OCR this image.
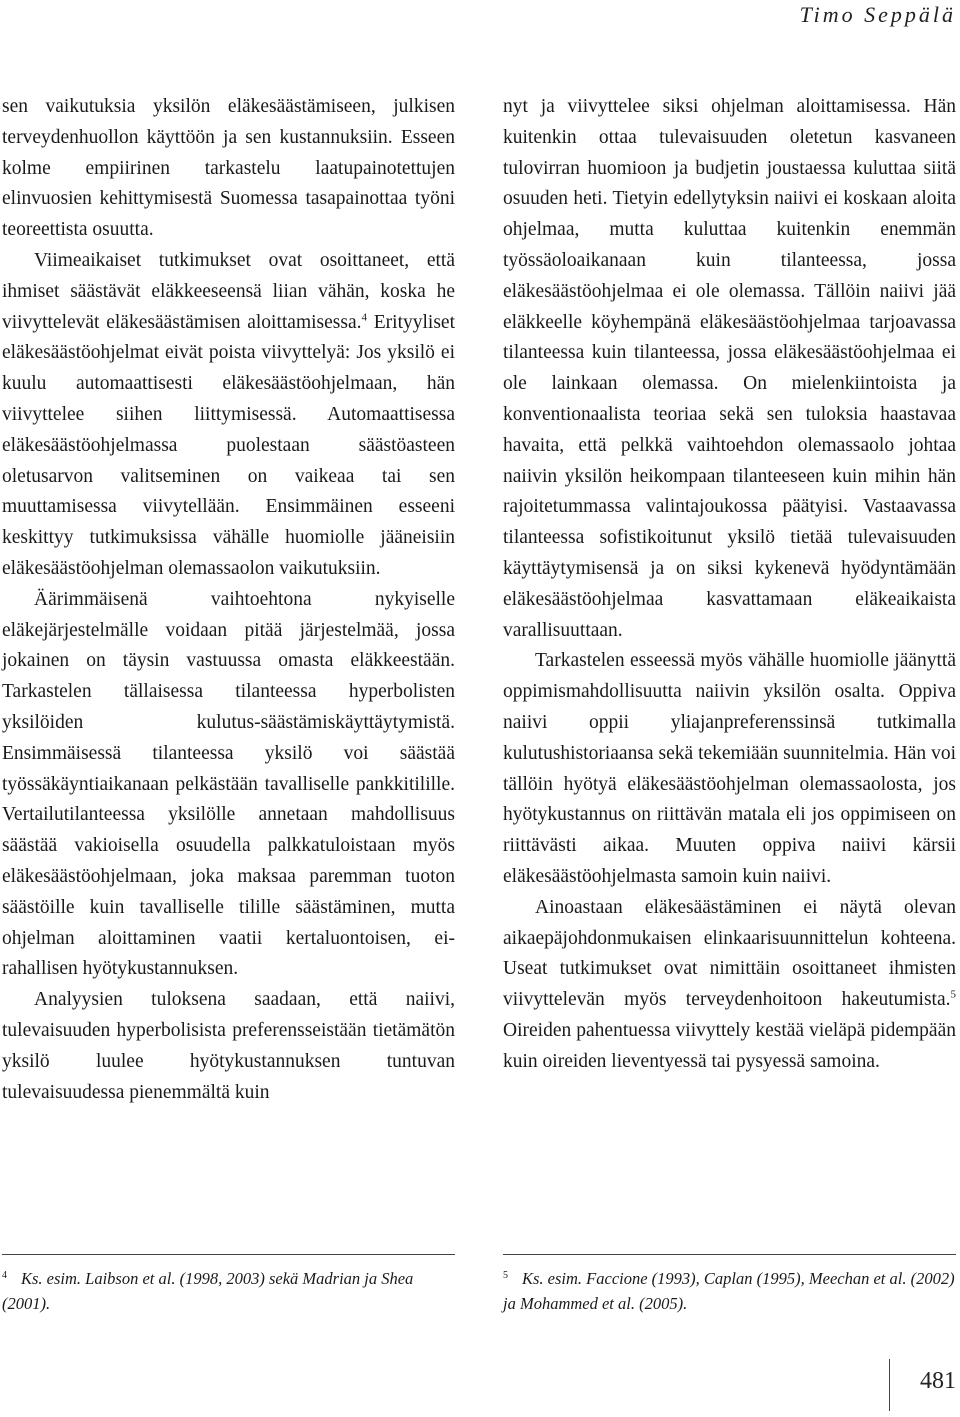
Timo Seppälä

sen vaikutuksia yksilön eläkesäästämiseen, julkisen terveydenhuollon käyttöön ja sen kustannuksiin. Esseen kolme empiirinen tarkastelu laatupainotettujen elinvuosien kehittymisestä Suomessa tasapainottaa työni teoreettista osuutta.

Viimeaikaiset tutkimukset ovat osoittaneet, että ihmiset säästävät eläkkeeseensä liian vähän, koska he viivyttelevät eläkesäästämisen aloittamisessa.$^4$ Erityyliset eläkesäästöohjelmat eivät poista viivyttelyä: Jos yksilö ei kuulu automaattisesti eläkesäästöohjelmaan, hän viivyttelee siihen liittymisessä. Automaattisessa eläkesäästöohjelmassa puolestaan säästöasteen oletusarvon valitseminen on vaikeaa tai sen muuttamisessa viivytellään. Ensimmäinen esseeni keskittyy tutkimuksissa vähälle huomiolle jääneisiin eläkesäästöohjelman olemassaolon vaikutuksiin.

Äärimmäisenä vaihtoehtona nykyiselle eläkejärjestelmälle voidaan pitää järjestelmää, jossa jokainen on täysin vastuussa omasta eläkkeestään. Tarkastelen tällaisessa tilanteessa hyperbolisten yksilöiden kulutus-säästämiskäyttäytymistä. Ensimmäisessä tilanteessa yksilö voi säästää työssäkäyntiaikanaan pelkästään tavalliselle pankkitilille. Vertailutilanteessa yksilölle annetaan mahdollisuus säästää vakioisella osuudella palkkatuloistaan myös eläkesäästöohjelmaan, joka maksaa paremman tuoton säästöille kuin tavalliselle tilille säästäminen, mutta ohjelman aloittaminen vaatii kertaluontoisen, ei-rahallisen hyötykustannuksen.

Analyysien tuloksena saadaan, että naiivi, tulevaisuuden hyperbolisista preferensseistään tietämätön yksilö luulee hyötykustannuksen tuntuvan tulevaisuudessa pienemmältä kuin

nyt ja viivyttelee siksi ohjelman aloittamisessa. Hän kuitenkin ottaa tulevaisuuden oletetun kasvaneen tulovirran huomioon ja budjetin joustaessa kuluttaa siitä osuuden heti. Tietyin edellytyksin naiivi ei koskaan aloita ohjelmaa, mutta kuluttaa kuitenkin enemmän työssäoloaikanaan kuin tilanteessa, jossa eläkesäästöohjelmaa ei ole olemassa. Tällöin naiivi jää eläkkeelle köyhempänä eläkesäästöohjelmaa tarjoavassa tilanteessa kuin tilanteessa, jossa eläkesäästöohjelmaa ei ole lainkaan olemassa. On mielenkiintoista ja konventionaalista teoriaa sekä sen tuloksia haastavaa havaita, että pelkkä vaihtoehdon olemassaolo johtaa naiivin yksilön heikompaan tilanteeseen kuin mihin hän rajoitetummassa valintajoukossa päätyisi. Vastaavassa tilanteessa sofistikoitunut yksilö tietää tulevaisuuden käyttäytymisensä ja on siksi kykenevä hyödyntämään eläkesäästöohjelmaa kasvattamaan eläkeaikaista varallisuuttaan.

Tarkastelen esseessä myös vähälle huomiolle jäänyttä oppimismahdollisuutta naiivin yksilön osalta. Oppiva naiivi oppii yliajanpreferenssinsä tutkimalla kulutushistoriaansa sekä tekemiään suunnitelmia. Hän voi tällöin hyötyä eläkesäästöohjelman olemassaolosta, jos hyötykustannus on riittävän matala eli jos oppimiseen on riittävästi aikaa. Muuten oppiva naiivi kärsii eläkesäästöohjelmasta samoin kuin naiivi.

Ainoastaan eläkesäästäminen ei näytä olevan aikaepäjohdonmukaisen elinkaarisuunnittelun kohteena. Useat tutkimukset ovat nimittäin osoittaneet ihmisten viivyttelevän myös terveydenhoitoon hakeutumista.$^5$ Oireiden pahentuessa viivyttely kestää vieläpä pidempään kuin oireiden lieventyessä tai pysyessä samoina.

$^4$ Ks. esim. Laibson et al. (1998, 2003) sekä Madrian ja Shea (2001).
$^5$ Ks. esim. Faccione (1993), Caplan (1995), Meechan et al. (2002) ja Mohammed et al. (2005).
481
